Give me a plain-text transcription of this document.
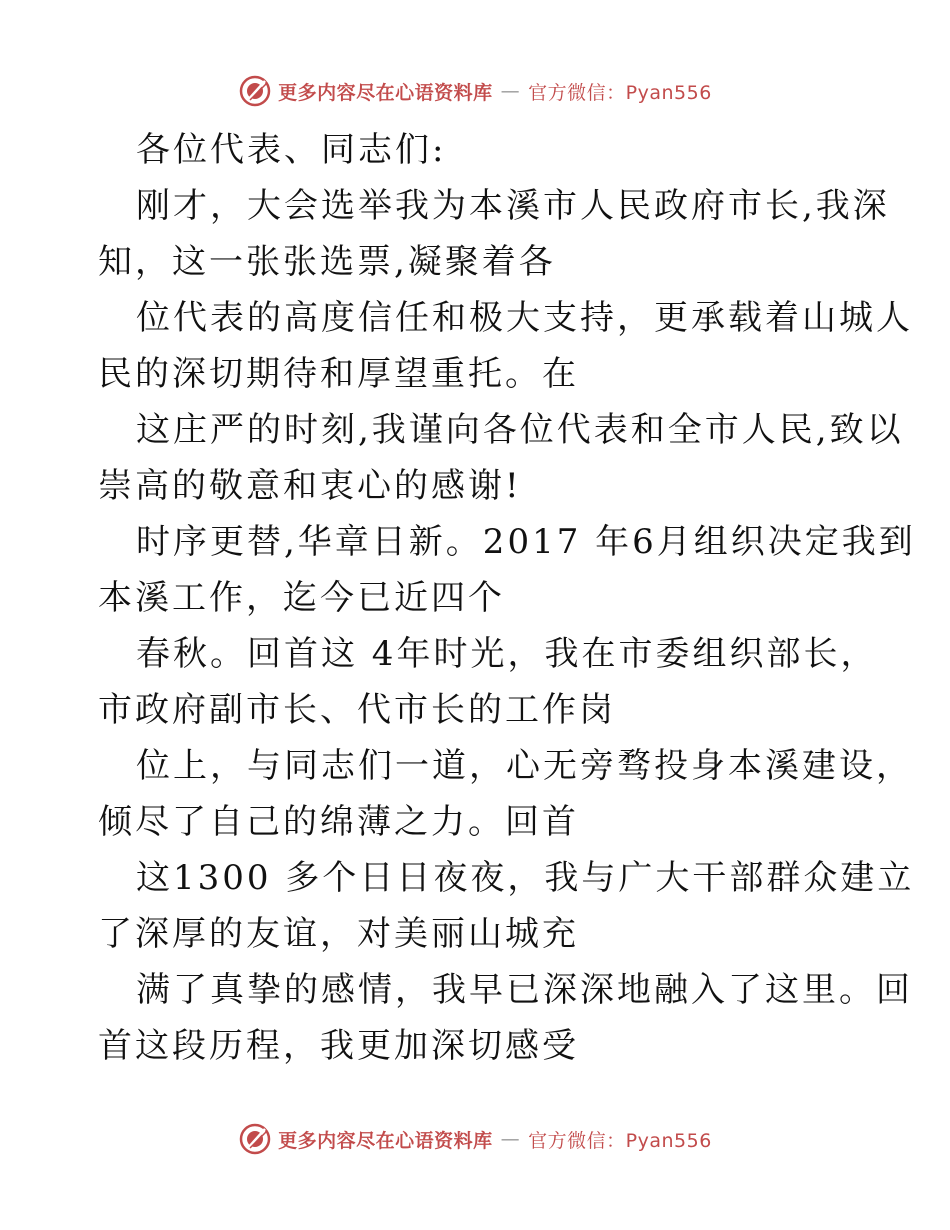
更多内容尽在心语资料库 — 官方微信：Pyan556
各位代表、同志们:
刚才，大会选举我为本溪市人民政府市长,我深
知，这一张张选票,凝聚着各
位代表的高度信任和极大支持，更承载着山城人
民的深切期待和厚望重托。在
这庄严的时刻,我谨向各位代表和全市人民,致以
崇高的敬意和衷心的感谢!
时序更替,华章日新。2017 年6月组织决定我到
本溪工作，迄今已近四个
春秋。回首这 4年时光，我在市委组织部长，
市政府副市长、代市长的工作岗
位上，与同志们一道，心无旁骛投身本溪建设，
倾尽了自己的绵薄之力。回首
这1300 多个日日夜夜，我与广大干部群众建立
了深厚的友谊，对美丽山城充
满了真挚的感情，我早已深深地融入了这里。回
首这段历程，我更加深切感受
更多内容尽在心语资料库 — 官方微信：Pyan556
